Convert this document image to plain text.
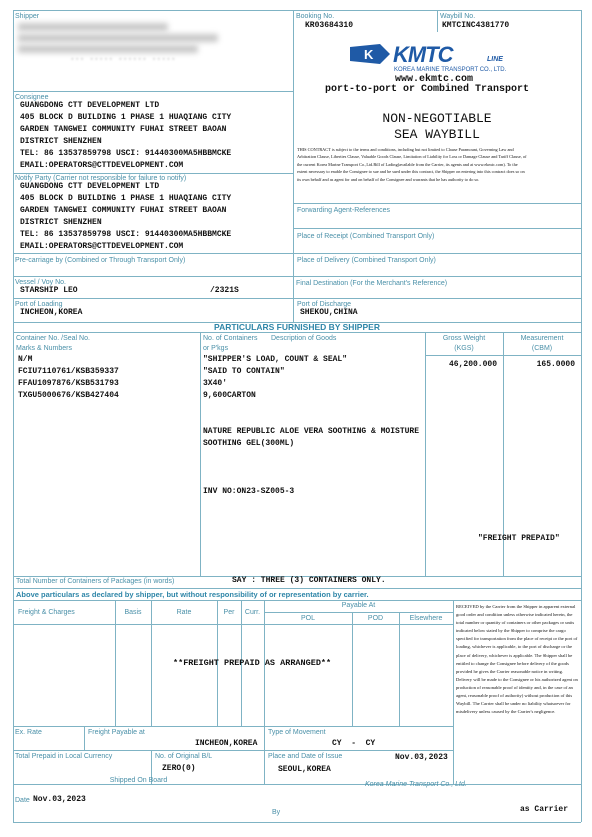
Shipper
··· ····· ······ ·····
Booking No.
KR03684310
Waybill No.
KMTCINC4381770
K KMTC	LINE
KOREA MARINE TRANSPORT CO., LTD.
www.ekmtc.com
port-to-port or Combined Transport
NON-NEGOTIABLE
SEA WAYBILL
THIS CONTRACT is subject to the terms and conditions, including but not limited to Clause Paramount, Governing Law and Arbitration Clause, Liberties Clause, Valuable Goods Clause, Limitation of Liability for Loss or Damage Clause and Tariff Clause, of the current Korea Marine Transport Co.,Ltd.Bill of Lading(available from the Carrier, its agents and at www.ekmtc.com). To the extent necessary to enable the Consignee to sue and be sued under this contract, the Shipper on entering into this contract does so on its own behalf and as agent for and on behalf of the Consignee and warrants that he has authority to do so.
Consignee
GUANGDONG CTT DEVELOPMENT LTD
405 BLOCK D BUILDING 1 PHASE 1 HUAQIANG CITY
GARDEN TANGWEI COMMUNITY FUHAI STREET BAOAN
DISTRICT SHENZHEN
TEL: 86 13537859798 USCI: 91440300MA5HBBMCKE
EMAIL:OPERATORS@CTTDEVELOPMENT.COM
Notify Party (Carrier not responsible for failure to notify)
GUANGDONG CTT DEVELOPMENT LTD
405 BLOCK D BUILDING 1 PHASE 1 HUAQIANG CITY
GARDEN TANGWEI COMMUNITY FUHAI STREET BAOAN
DISTRICT SHENZHEN
TEL: 86 13537859798 USCI: 91440300MA5HBBMCKE
EMAIL:OPERATORS@CTTDEVELOPMENT.COM
Forwarding Agent-References
Place of Receipt (Combined Transport Only)
Pre-carriage by (Combined or Through Transport Only)	Place of Delivery (Combined Transport Only)
Vessel / Voy No.
STARSHIP LEO	/2321S
Final Destination (For the Merchant's Reference)
Port of Loading
INCHEON,KOREA
Port of Discharge
SHEKOU,CHINA
PARTICULARS FURNISHED BY SHIPPER
Container No. /Seal No.
Marks & Numbers
No. of Containers
or P'kgs
Description of Goods	Gross Weight
(KGS)
Measurement
(CBM)
N/M
FCIU7110761/KSB359337
FFAU1097876/KSB531793
TXGU5000676/KSB427404
"SHIPPER'S LOAD, COUNT & SEAL"
"SAID TO CONTAIN"
3X40'
9,600CARTON
NATURE REPUBLIC ALOE VERA SOOTHING & MOISTURE
SOOTHING GEL(300ML)
INV NO:ON23-SZ005-3
46,200.000	165.0000
"FREIGHT PREPAID"
Total Number of Containers of Packages (in words)	SAY : THREE (3) CONTAINERS ONLY.
Above particulars as declared by shipper, but without responsibility of or representation by carrier.
Freight & Charges	Basis	Rate	Per	Curr.
Payable At
POL	POD	Elsewhere
**FREIGHT PREPAID AS ARRANGED**
RECEIVED by the Carrier from the Shipper in apparent external good order and condition unless otherwise indicated herein, the total number or quantity of containers or other packages or units indicated below stated by the Shipper to comprise the cargo specified for transportation from the place of receipt or the port of loading, whichever is applicable, to the port of discharge or the place of delivery, whichever is applicable. The Shipper shall be entitled to change the Consignee before delivery of the goods provided he gives the Carrier reasonable notice in writing. Delivery will be made to the Consignee or his authorized agent on production of reasonable proof of identity and, in the case of an agent, reasonable proof of authority) without production of this Waybill. The Carrier shall be under no liability whatsoever for misdelivery unless caused by the Carrier's negligence.
Ex. Rate	Freight Payable at
INCHEON,KOREA
Type of Movement
CY  -  CY
Total Prepaid in Local Currency	No. of Original B/L
ZERO(0)
Place and Date of Issue	Nov.03,2023
SEOUL,KOREA
Shipped On Board
Korea Marine Transport Co., Ltd.
Date Nov.03,2023
By	as Carrier
